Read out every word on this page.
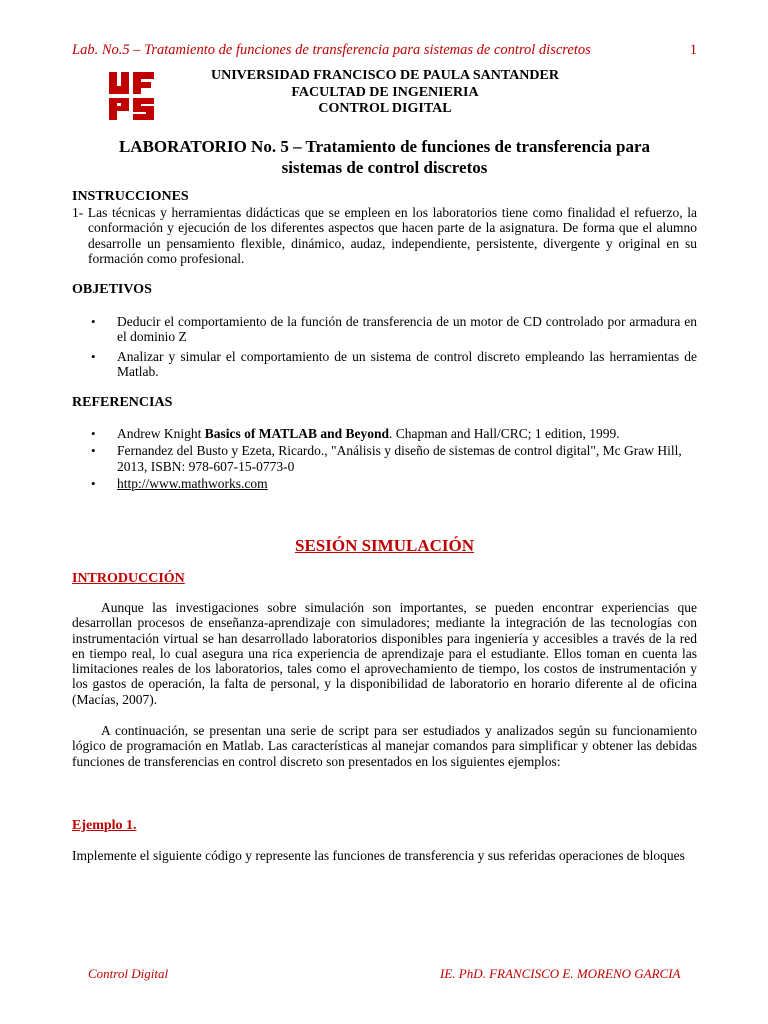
Lab. No.5 – Tratamiento de funciones de transferencia para sistemas de control discretos	1
UNIVERSIDAD FRANCISCO DE PAULA SANTANDER
FACULTAD DE INGENIERIA
CONTROL DIGITAL
LABORATORIO No. 5 – Tratamiento de funciones de transferencia para
sistemas de control discretos
INSTRUCCIONES
1- Las técnicas y herramientas didácticas que se empleen en los laboratorios tiene como finalidad el refuerzo, la conformación y ejecución de los diferentes aspectos que hacen parte de la asignatura. De forma que el alumno desarrolle un pensamiento flexible, dinámico, audaz, independiente, persistente, divergente y original en su formación como profesional.
OBJETIVOS
• Deducir el comportamiento de la función de transferencia de un motor de CD controlado por armadura en el dominio Z
• Analizar y simular el comportamiento de un sistema de control discreto empleando las herramientas de Matlab.
REFERENCIAS
• Andrew Knight Basics of MATLAB and Beyond. Chapman and Hall/CRC; 1 edition, 1999.
• Fernandez del Busto y Ezeta, Ricardo., "Análisis y diseño de sistemas de control digital", Mc Graw Hill, 2013, ISBN: 978-607-15-0773-0
• http://www.mathworks.com
SESIÓN SIMULACIÓN
INTRODUCCIÓN
Aunque las investigaciones sobre simulación son importantes, se pueden encontrar experiencias que desarrollan procesos de enseñanza-aprendizaje con simuladores; mediante la integración de las tecnologías con instrumentación virtual se han desarrollado laboratorios disponibles para ingeniería y accesibles a través de la red en tiempo real, lo cual asegura una rica experiencia de aprendizaje para el estudiante. Ellos toman en cuenta las limitaciones reales de los laboratorios, tales como el aprovechamiento de tiempo, los costos de instrumentación y los gastos de operación, la falta de personal, y la disponibilidad de laboratorio en horario diferente al de oficina (Macías, 2007).
A continuación, se presentan una serie de script para ser estudiados y analizados según su funcionamiento lógico de programación en Matlab. Las características al manejar comandos para simplificar y obtener las debidas funciones de transferencias en control discreto son presentados en los siguientes ejemplos:
Ejemplo 1.
Implemente el siguiente código y represente las funciones de transferencia y sus referidas operaciones de bloques
Control Digital	IE. PhD. FRANCISCO E. MORENO GARCIA
